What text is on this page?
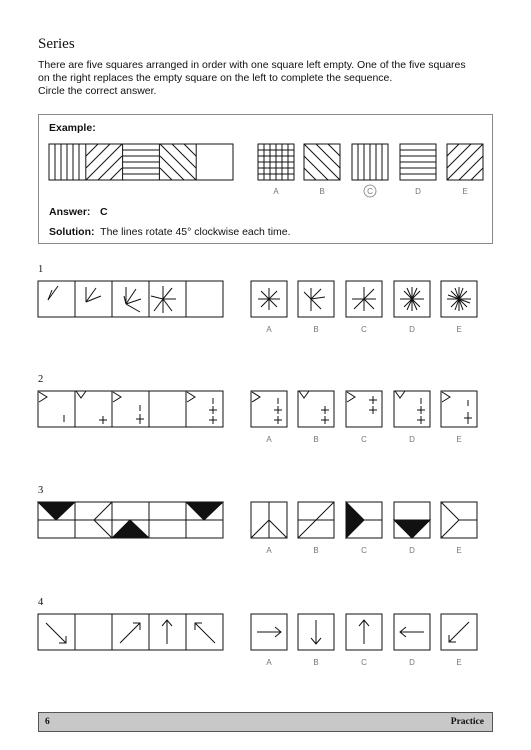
Series
There are five squares arranged in order with one square left empty. One of the five squares
on the right replaces the empty square on the left to complete the sequence.
Circle the correct answer.
Example:
A	B	C	D	E
Answer: C
Solution: The lines rotate 45° clockwise each time.
1
2
3
4
A	B	C	D	E
A	B	C	D	E
A	B	C	D	E
A	B	C	D	E
6	Practice
